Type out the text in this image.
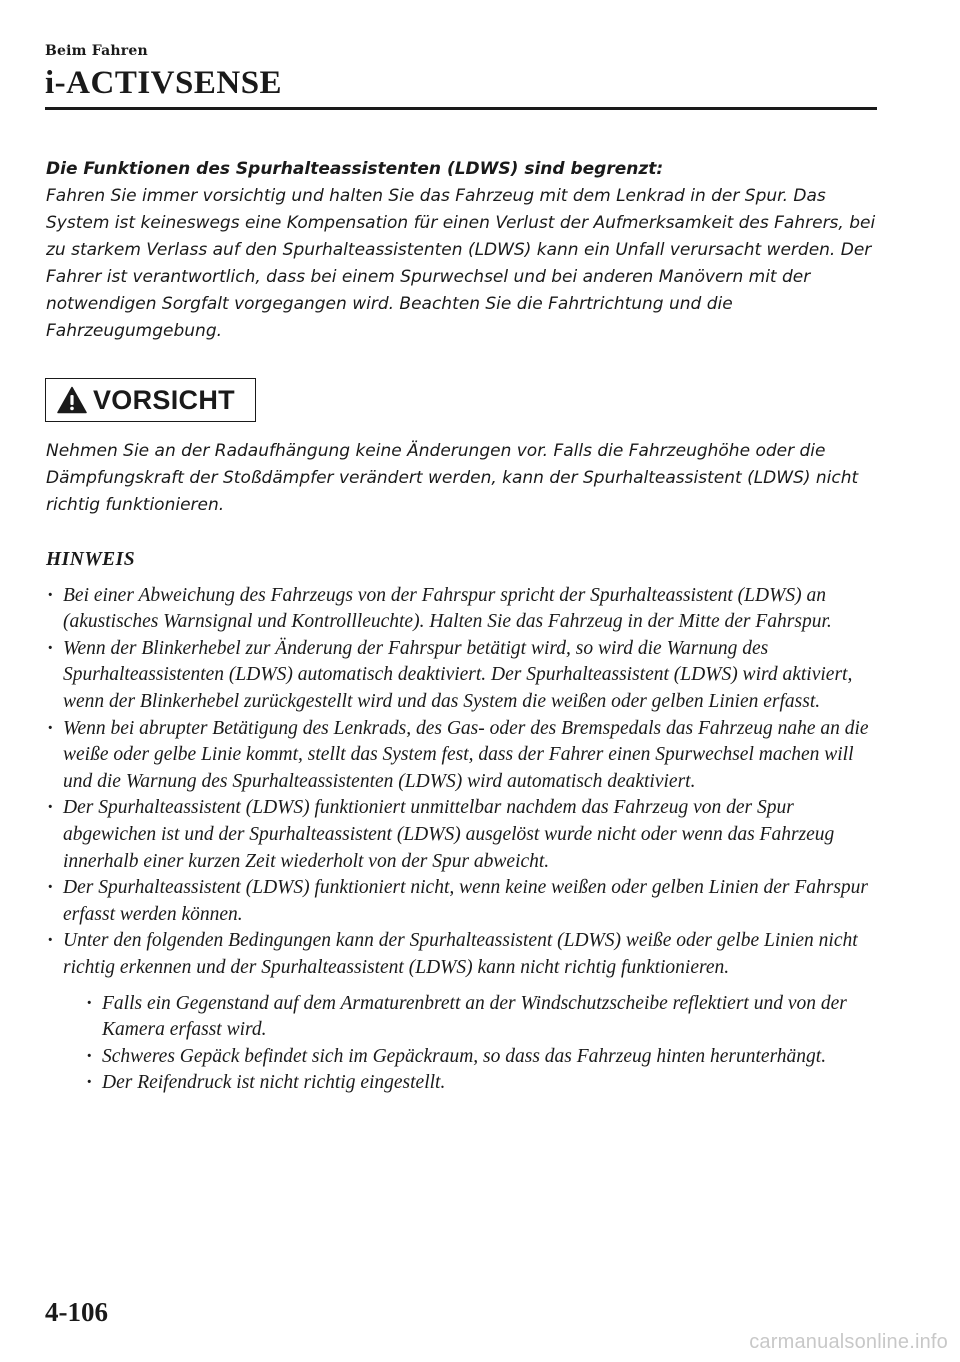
Beim Fahren
i-ACTIVSENSE
Die Funktionen des Spurhalteassistenten (LDWS) sind begrenzt:
Fahren Sie immer vorsichtig und halten Sie das Fahrzeug mit dem Lenkrad in der Spur. Das System ist keineswegs eine Kompensation für einen Verlust der Aufmerksamkeit des Fahrers, bei zu starkem Verlass auf den Spurhalteassistenten (LDWS) kann ein Unfall verursacht werden. Der Fahrer ist verantwortlich, dass bei einem Spurwechsel und bei anderen Manövern mit der notwendigen Sorgfalt vorgegangen wird. Beachten Sie die Fahrtrichtung und die Fahrzeugumgebung.
VORSICHT
Nehmen Sie an der Radaufhängung keine Änderungen vor. Falls die Fahrzeughöhe oder die Dämpfungskraft der Stoßdämpfer verändert werden, kann der Spurhalteassistent (LDWS) nicht richtig funktionieren.
HINWEIS
· Bei einer Abweichung des Fahrzeugs von der Fahrspur spricht der Spurhalteassistent (LDWS) an (akustisches Warnsignal und Kontrollleuchte). Halten Sie das Fahrzeug in der Mitte der Fahrspur.
· Wenn der Blinkerhebel zur Änderung der Fahrspur betätigt wird, so wird die Warnung des Spurhalteassistenten (LDWS) automatisch deaktiviert. Der Spurhalteassistent (LDWS) wird aktiviert, wenn der Blinkerhebel zurückgestellt wird und das System die weißen oder gelben Linien erfasst.
· Wenn bei abrupter Betätigung des Lenkrads, des Gas- oder des Bremspedals das Fahrzeug nahe an die weiße oder gelbe Linie kommt, stellt das System fest, dass der Fahrer einen Spurwechsel machen will und die Warnung des Spurhalteassistenten (LDWS) wird automatisch deaktiviert.
· Der Spurhalteassistent (LDWS) funktioniert unmittelbar nachdem das Fahrzeug von der Spur abgewichen ist und der Spurhalteassistent (LDWS) ausgelöst wurde nicht oder wenn das Fahrzeug innerhalb einer kurzen Zeit wiederholt von der Spur abweicht.
· Der Spurhalteassistent (LDWS) funktioniert nicht, wenn keine weißen oder gelben Linien der Fahrspur erfasst werden können.
· Unter den folgenden Bedingungen kann der Spurhalteassistent (LDWS) weiße oder gelbe Linien nicht richtig erkennen und der Spurhalteassistent (LDWS) kann nicht richtig funktionieren.
· Falls ein Gegenstand auf dem Armaturenbrett an der Windschutzscheibe reflektiert und von der Kamera erfasst wird.
· Schweres Gepäck befindet sich im Gepäckraum, so dass das Fahrzeug hinten herunterhängt.
· Der Reifendruck ist nicht richtig eingestellt.
4-106
carmanualsonline.info
